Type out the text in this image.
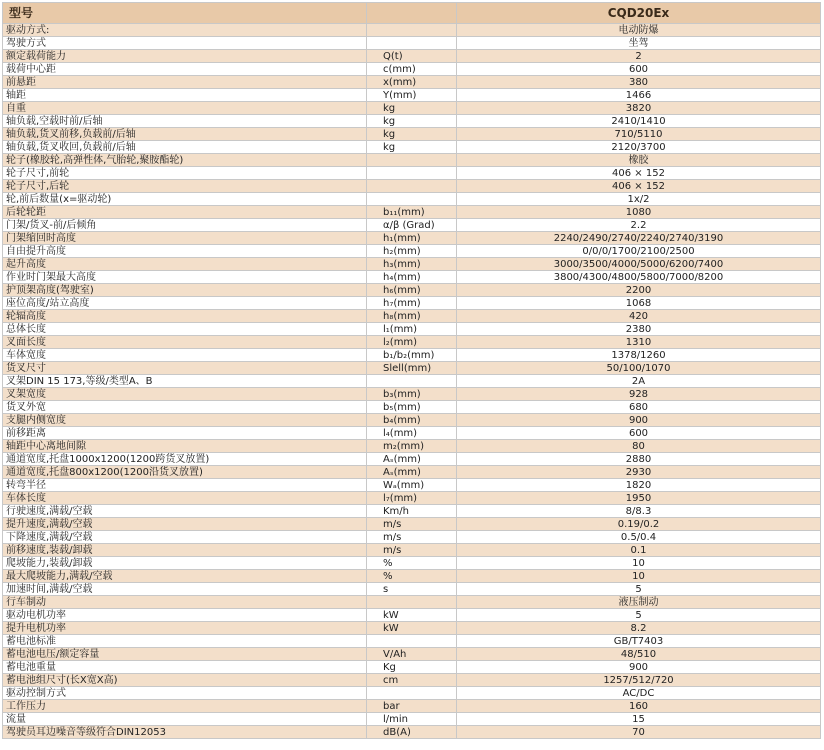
型号		CQD20Ex
驱动方式:		电动防爆
驾驶方式		坐驾
额定载荷能力	Q(t)	2
载荷中心距	c(mm)	600
前悬距	x(mm)	380
轴距	Y(mm)	1466
自重	kg	3820
轴负载,空载时前/后轴	kg	2410/1410
轴负载,货叉前移,负载前/后轴	kg	710/5110
轴负载,货叉收回,负载前/后轴	kg	2120/3700
轮子(橡胶轮,高弹性体,气胎轮,聚胺酯轮)		橡胶
轮子尺寸,前轮		406 × 152
轮子尺寸,后轮		406 × 152
轮,前后数量(x=驱动轮)		1x/2
后轮轮距	b₁₁(mm)	1080
门架/货叉-前/后倾角	α/β (Grad)	2.2
门架缩回时高度	h₁(mm)	2240/2490/2740/2240/2740/3190
自由提升高度	h₂(mm)	0/0/0/1700/2100/2500
起升高度	h₃(mm)	3000/3500/4000/5000/6200/7400
作业时门架最大高度	h₄(mm)	3800/4300/4800/5800/7000/8200
护顶架高度(驾驶室)	h₆(mm)	2200
座位高度/站立高度	h₇(mm)	1068
轮辐高度	h₈(mm)	420
总体长度	l₁(mm)	2380
叉面长度	l₂(mm)	1310
车体宽度	b₁/b₂(mm)	1378/1260
货叉尺寸	Slell(mm)	50/100/1070
叉架DIN 15 173,等级/类型A、B		2A
叉架宽度	b₃(mm)	928
货叉外宽	b₅(mm)	680
支腿内侧宽度	b₄(mm)	900
前移距离	l₄(mm)	600
轴距中心离地间隙	m₂(mm)	80
通道宽度,托盘1000x1200(1200跨货叉放置)	Aₛ(mm)	2880
通道宽度,托盘800x1200(1200沿货叉放置)	Aₛ(mm)	2930
转弯半径	Wₐ(mm)	1820
车体长度	l₇(mm)	1950
行驶速度,满载/空载	Km/h	8/8.3
提升速度,满载/空载	m/s	0.19/0.2
下降速度,满载/空载	m/s	0.5/0.4
前移速度,装载/卸载	m/s	0.1
爬坡能力,装载/卸载	%	10
最大爬坡能力,满载/空载	%	10
加速时间,满载/空载	s	5
行车制动		液压制动
驱动电机功率	kW	5
提升电机功率	kW	8.2
蓄电池标准		GB/T7403
蓄电池电压/额定容量	V/Ah	48/510
蓄电池重量	Kg	900
蓄电池组尺寸(长X宽X高)	cm	1257/512/720
驱动控制方式		AC/DC
工作压力	bar	160
流量	l/min	15
驾驶员耳边噪音等级符合DIN12053	dB(A)	70
